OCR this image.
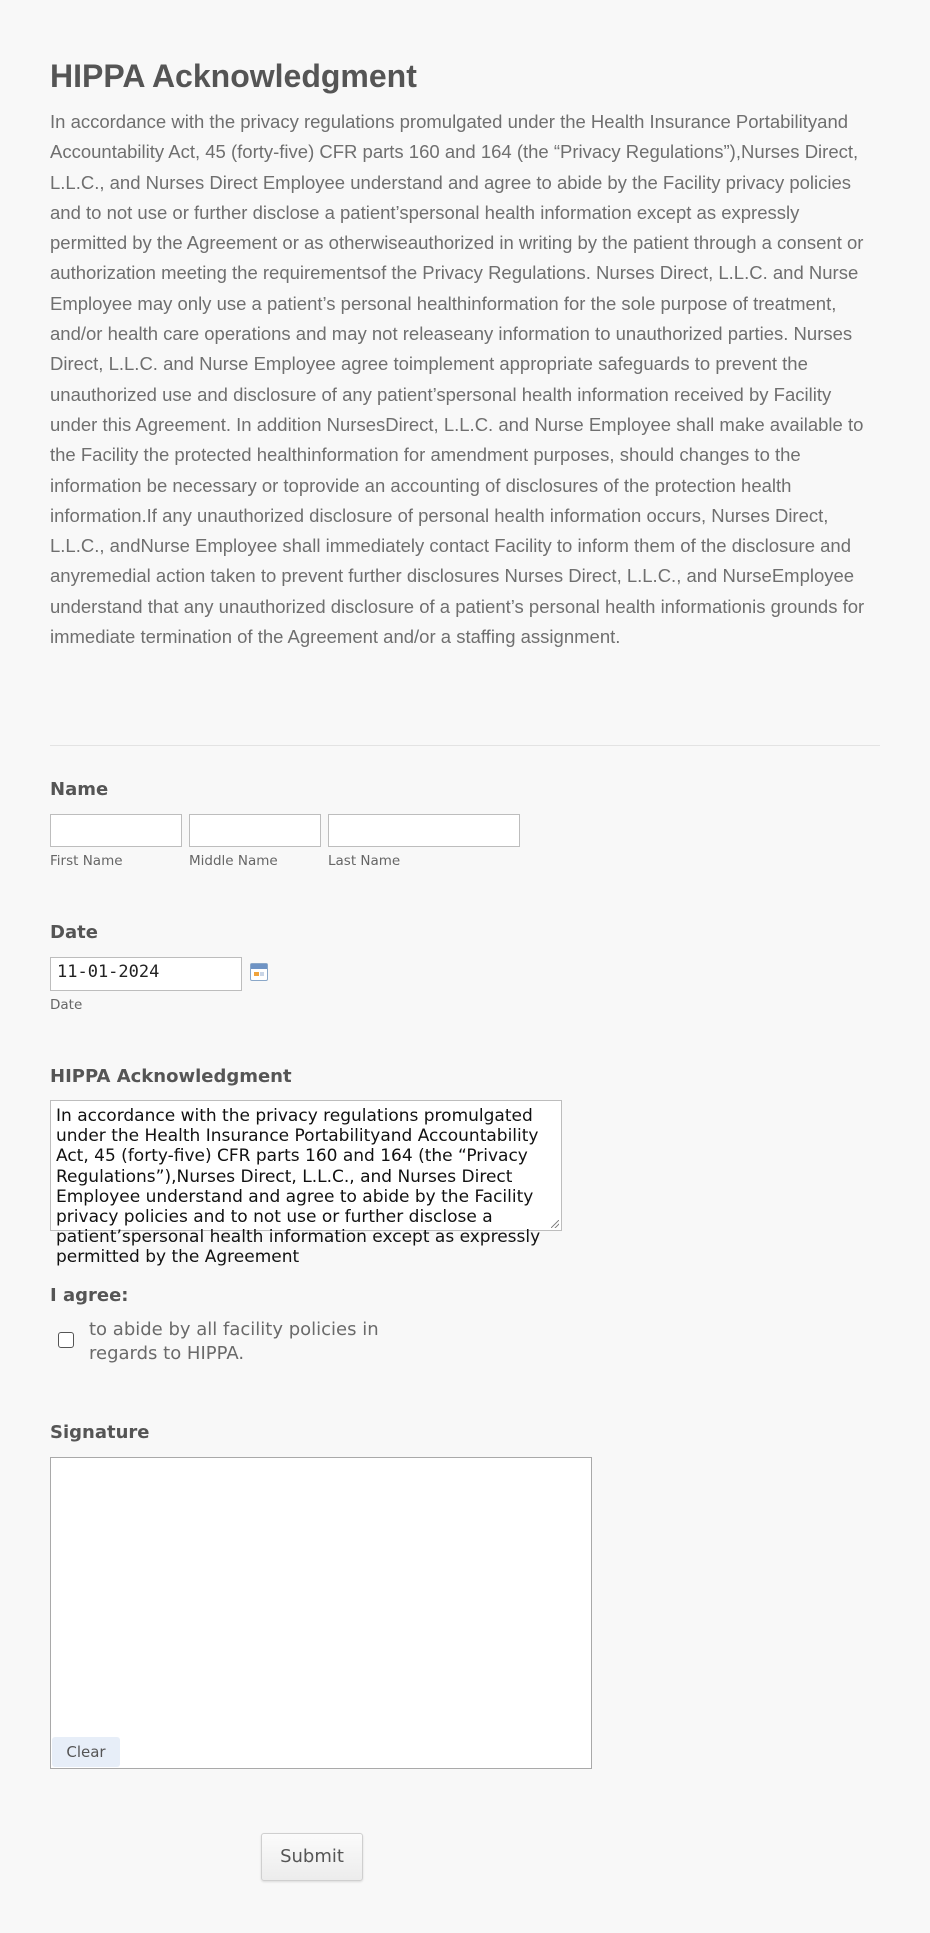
HIPPA Acknowledgment

In accordance with the privacy regulations promulgated under the Health Insurance Portabilityand Accountability Act, 45 (forty-five) CFR parts 160 and 164 (the “Privacy Regulations”),Nurses Direct, L.L.C., and Nurses Direct Employee understand and agree to abide by the Facility privacy policies and to not use or further disclose a patient’spersonal health information except as expressly permitted by the Agreement or as otherwiseauthorized in writing by the patient through a consent or authorization meeting the requirementsof the Privacy Regulations. Nurses Direct, L.L.C. and Nurse Employee may only use a patient’s personal healthinformation for the sole purpose of treatment, and/or health care operations and may not releaseany information to unauthorized parties. Nurses Direct, L.L.C. and Nurse Employee agree toimplement appropriate safeguards to prevent the unauthorized use and disclosure of any patient’spersonal health information received by Facility under this Agreement. In addition NursesDirect, L.L.C. and Nurse Employee shall make available to the Facility the protected healthinformation for amendment purposes, should changes to the information be necessary or toprovide an accounting of disclosures of the protection health information.If any unauthorized disclosure of personal health information occurs, Nurses Direct, L.L.C., andNurse Employee shall immediately contact Facility to inform them of the disclosure and anyremedial action taken to prevent further disclosures Nurses Direct, L.L.C., and NurseEmployee understand that any unauthorized disclosure of a patient’s personal health informationis grounds for immediate termination of the Agreement and/or a staffing assignment.

Name
First Name	Middle Name	Last Name
Date
11-01-2024
Date
HIPPA Acknowledgment

In accordance with the privacy regulations promulgated under the Health Insurance Portabilityand Accountability Act, 45 (forty-five) CFR parts 160 and 164 (the “Privacy Regulations”),Nurses Direct, L.L.C., and Nurses Direct Employee understand and agree to abide by the Facility privacy policies and to not use or further disclose a patient’spersonal health information except as expressly permitted by the Agreement

I agree:

to abide by all facility policies in regards to HIPPA.

Signature
Clear
Submit
